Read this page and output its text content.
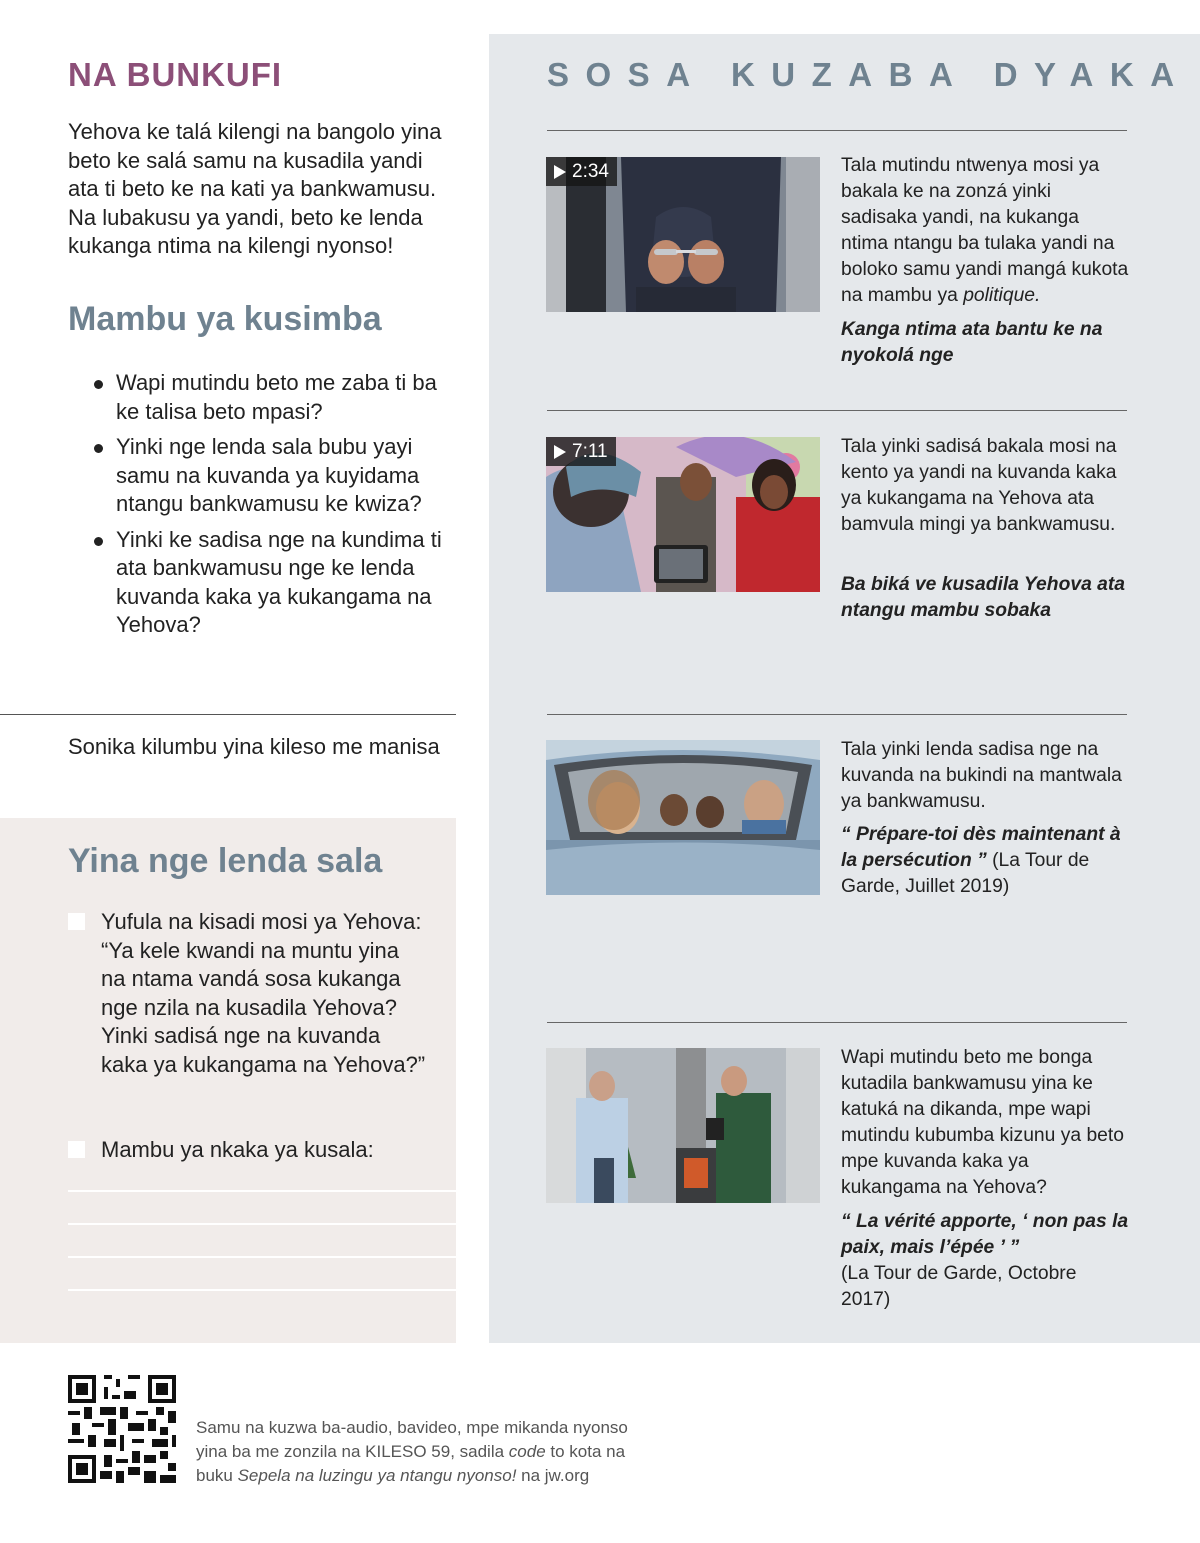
NA BUNKUFI

Yehova ke talá kilengi na bangolo yina beto ke salá samu na kusadila yandi ata ti beto ke na kati ya bankwamusu. Na lubakusu ya yandi, beto ke lenda kukanga ntima na kilengi nyonso!

Mambu ya kusimba
Wapi mutindu beto me zaba ti ba ke talisa beto mpasi?
Yinki nge lenda sala bubu yayi samu na kuvanda ya kuyidama ntangu bankwamusu ke kwiza?
Yinki ke sadisa nge na kundima ti ata bankwamusu nge ke lenda kuvanda kaka ya kukangama na Yehova?

Sonika kilumbu yina kileso me manisa

Yina nge lenda sala
Yufula na kisadi mosi ya Yehova: “Ya kele kwandi na muntu yina na ntama vandá sosa kukanga nge nzila na kusadila Yehova? Yinki sadisá nge na kuvanda kaka ya kukangama na Yehova?”
Mambu ya nkaka ya kusala:
SOSA KUZABA DYAKA
2:34	Tala mutindu ntwenya mosi ya bakala ke na zonzá yinki sadisaka yandi, na kukanga ntima ntangu ba tulaka yandi na boloko samu yandi mangá kukota na mambu ya politique.

Kanga ntima ata bantu ke na nyokolá nge

7:11	Tala yinki sadisá bakala mosi na kento ya yandi na kuvanda kaka ya kukangama na Yehova ata bamvula mingi ya bankwamusu.

Ba biká ve kusadila Yehova ata ntangu mambu sobaka

Tala yinki lenda sadisa nge na kuvanda na bukindi na mantwala ya bankwamusu.

“ Prépare-toi dès maintenant à la persécution ” (La Tour de Garde, Juillet 2019)

Wapi mutindu beto me bonga kutadila bankwamusu yina ke katuká na dikanda, mpe wapi mutindu kubumba kizunu ya beto mpe kuvanda kaka ya kukangama na Yehova?

“ La vérité apporte, ‘ non pas la paix, mais l’épée ’ ”
(La Tour de Garde, Octobre 2017)

Samu na kuzwa ba-audio, bavideo, mpe mikanda nyonso
yina ba me zonzila na KILESO 59, sadila code to kota na
buku Sepela na luzingu ya ntangu nyonso! na jw.org
